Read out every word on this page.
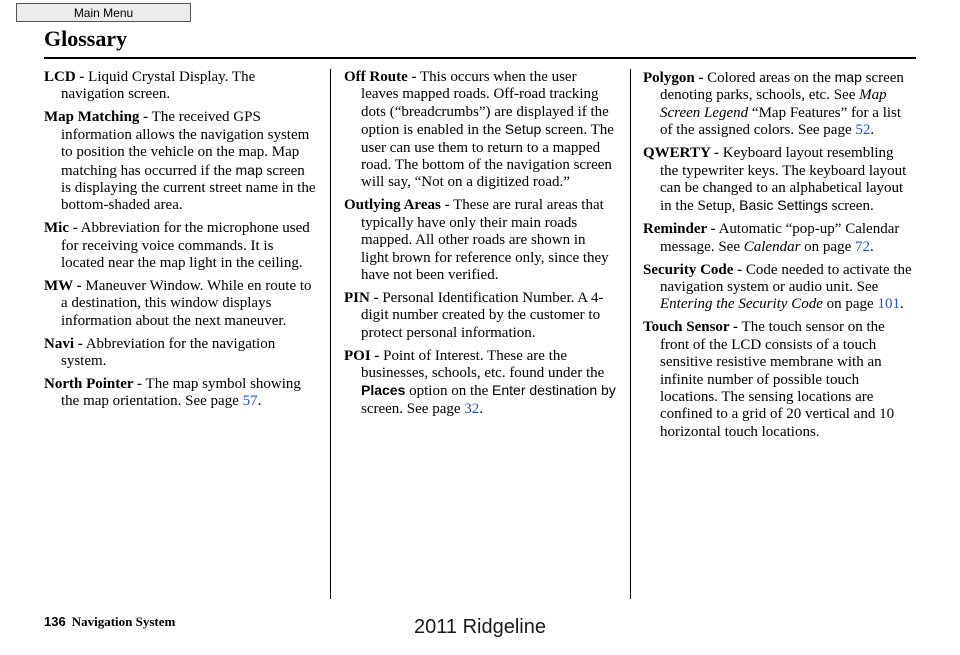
Main Menu
Glossary

LCD - Liquid Crystal Display. The navigation screen.

Map Matching - The received GPS information allows the navigation system to position the vehicle on the map. Map matching has occurred if the map screen is displaying the current street name in the bottom-shaded area.

Mic - Abbreviation for the microphone used for receiving voice commands. It is located near the map light in the ceiling.

MW - Maneuver Window. While en route to a destination, this window displays information about the next maneuver.

Navi - Abbreviation for the navigation system.

North Pointer - The map symbol showing the map orientation. See page 57.

Off Route - This occurs when the user leaves mapped roads. Off-road tracking dots (“breadcrumbs”) are displayed if the option is enabled in the Setup screen. The user can use them to return to a mapped road. The bottom of the navigation screen will say, “Not on a digitized road.”

Outlying Areas - These are rural areas that typically have only their main roads mapped. All other roads are shown in light brown for reference only, since they have not been verified.

PIN - Personal Identification Number. A 4-digit number created by the customer to protect personal information.

POI - Point of Interest. These are the businesses, schools, etc. found under the Places option on the Enter destination by screen. See page 32.

Polygon - Colored areas on the map screen denoting parks, schools, etc. See Map Screen Legend “Map Features” for a list of the assigned colors. See page 52.

QWERTY - Keyboard layout resembling the typewriter keys. The keyboard layout can be changed to an alphabetical layout in the Setup, Basic Settings screen.

Reminder - Automatic “pop-up” Calendar message. See Calendar on page 72.

Security Code - Code needed to activate the navigation system or audio unit. See Entering the Security Code on page 101.

Touch Sensor - The touch sensor on the front of the LCD consists of a touch sensitive resistive membrane with an infinite number of possible touch locations. The sensing locations are confined to a grid of 20 vertical and 10 horizontal touch locations.

136 Navigation System	2011 Ridgeline
